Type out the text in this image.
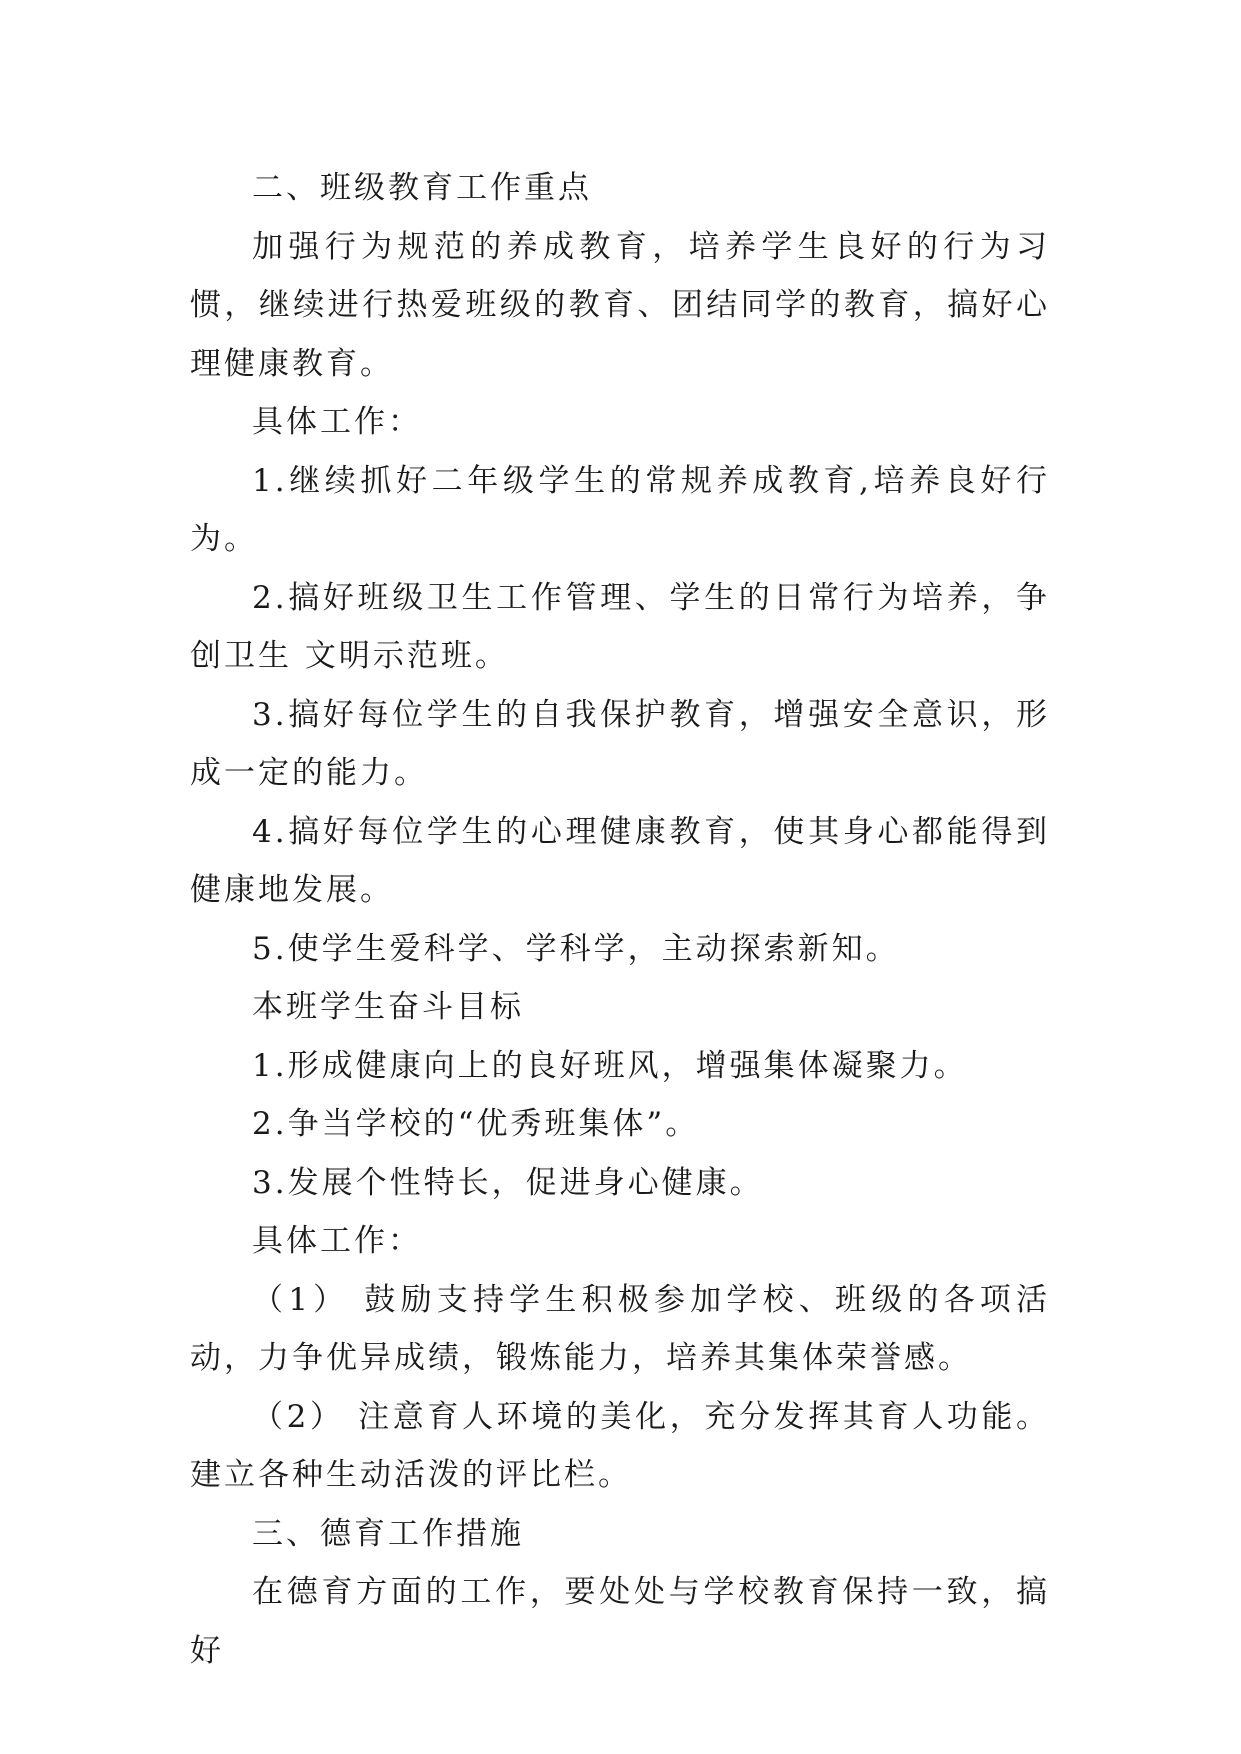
二、班级教育工作重点

加强行为规范的养成教育，培养学生良好的行为习惯，继续进行热爱班级的教育、团结同学的教育，搞好心理健康教育。

具体工作：

1.继续抓好二年级学生的常规养成教育,培养良好行为。

2.搞好班级卫生工作管理、学生的日常行为培养，争创卫生 文明示范班。

3.搞好每位学生的自我保护教育，增强安全意识，形成一定的能力。

4.搞好每位学生的心理健康教育，使其身心都能得到健康地发展。

5.使学生爱科学、学科学，主动探索新知。

本班学生奋斗目标

1.形成健康向上的良好班风，增强集体凝聚力。

2.争当学校的“优秀班集体”。

3.发展个性特长，促进身心健康。

具体工作：

（1） 鼓励支持学生积极参加学校、班级的各项活动，力争优异成绩，锻炼能力，培养其集体荣誉感。

（2） 注意育人环境的美化，充分发挥其育人功能。建立各种生动活泼的评比栏。

三、德育工作措施

在德育方面的工作，要处处与学校教育保持一致，搞好
